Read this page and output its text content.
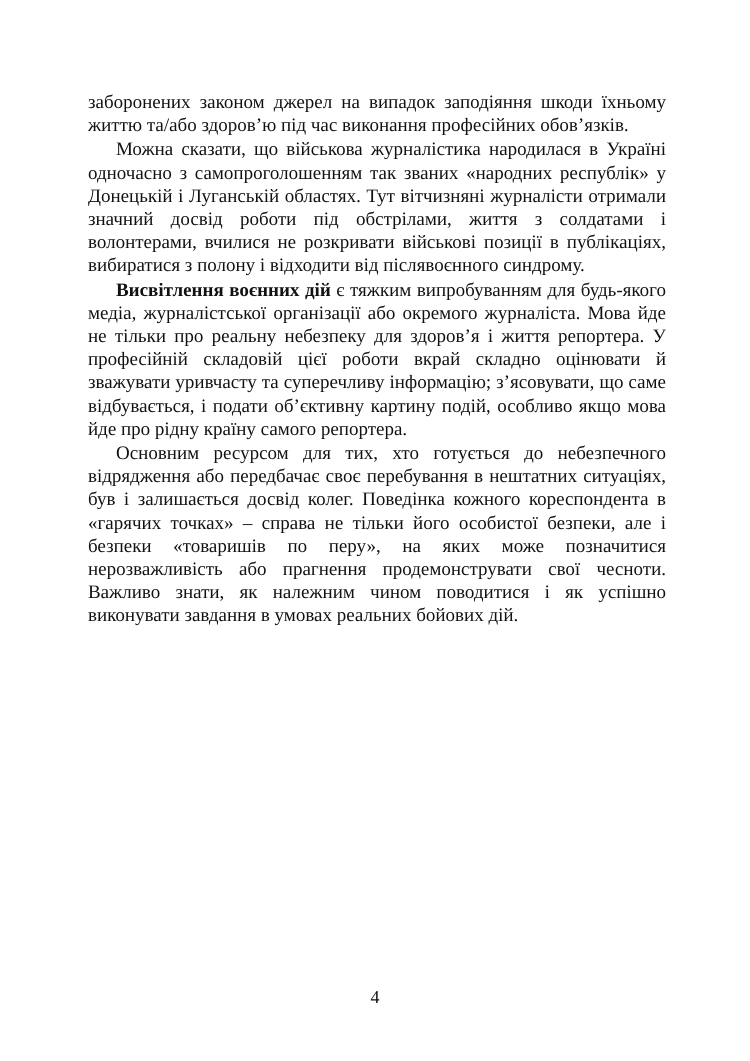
заборонених законом джерел на випадок заподіяння шкоди їхньому життю та/або здоров’ю під час виконання професійних обов’язків.

Можна сказати, що військова журналістика народилася в Україні одночасно з самопроголошенням так званих «народних республік» у Донецькій і Луганській областях. Тут вітчизняні журналісти отримали значний досвід роботи під обстрілами, життя з солдатами і волонтерами, вчилися не розкривати військові позиції в публікаціях, вибиратися з полону і відходити від післявоєнного синдрому.

Висвітлення воєнних дій є тяжким випробуванням для будь-якого медіа, журналістської організації або окремого журналіста. Мова йде не тільки про реальну небезпеку для здоров’я і життя репортера. У професійній складовій цієї роботи вкрай складно оцінювати й зважувати уривчасту та суперечливу інформацію; з’ясовувати, що саме відбувається, і подати об’єктивну картину подій, особливо якщо мова йде про рідну країну самого репортера.

Основним ресурсом для тих, хто готується до небезпечного відрядження або передбачає своє перебування в нештатних ситуаціях, був і залишається досвід колег. Поведінка кожного кореспондента в «гарячих точках» – справа не тільки його особистої безпеки, але і безпеки «товаришів по перу», на яких може позначитися нерозважливість або прагнення продемонструвати свої чесноти. Важливо знати, як належним чином поводитися і як успішно виконувати завдання в умовах реальних бойових дій.

4
